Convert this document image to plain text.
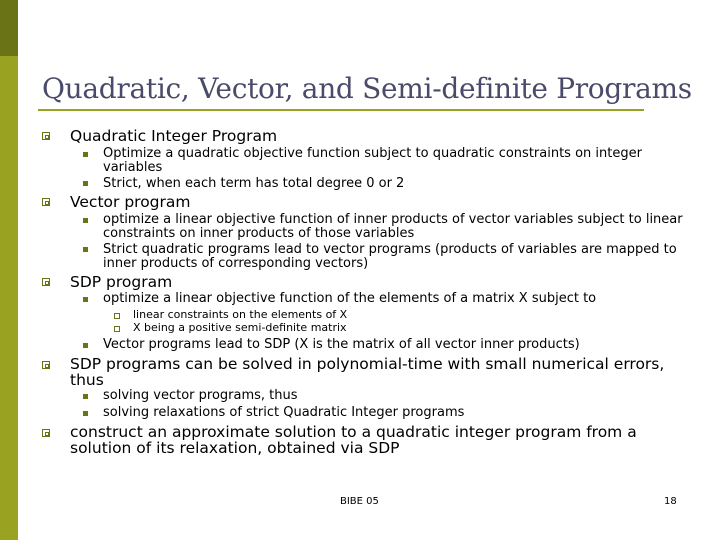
Quadratic, Vector, and Semi-definite Programs
Quadratic Integer Program
Optimize a quadratic objective function subject to quadratic constraints on integer variables
Strict, when each term has total degree 0 or 2
Vector program
optimize a linear objective function of inner products of vector variables subject to linear constraints on inner products of those variables
Strict quadratic programs lead to vector programs (products of variables are mapped to inner products of corresponding vectors)
SDP program
optimize a linear objective function of the elements of a matrix X subject to
linear constraints on the elements of X
X being a positive semi-definite matrix
Vector programs lead to SDP (X is the matrix of all vector inner products)
SDP programs can be solved in polynomial-time with small numerical errors, thus
solving vector programs, thus
solving relaxations of strict Quadratic Integer programs
construct an approximate solution to a quadratic integer program from a solution of its relaxation, obtained via SDP
BIBE 05	18
